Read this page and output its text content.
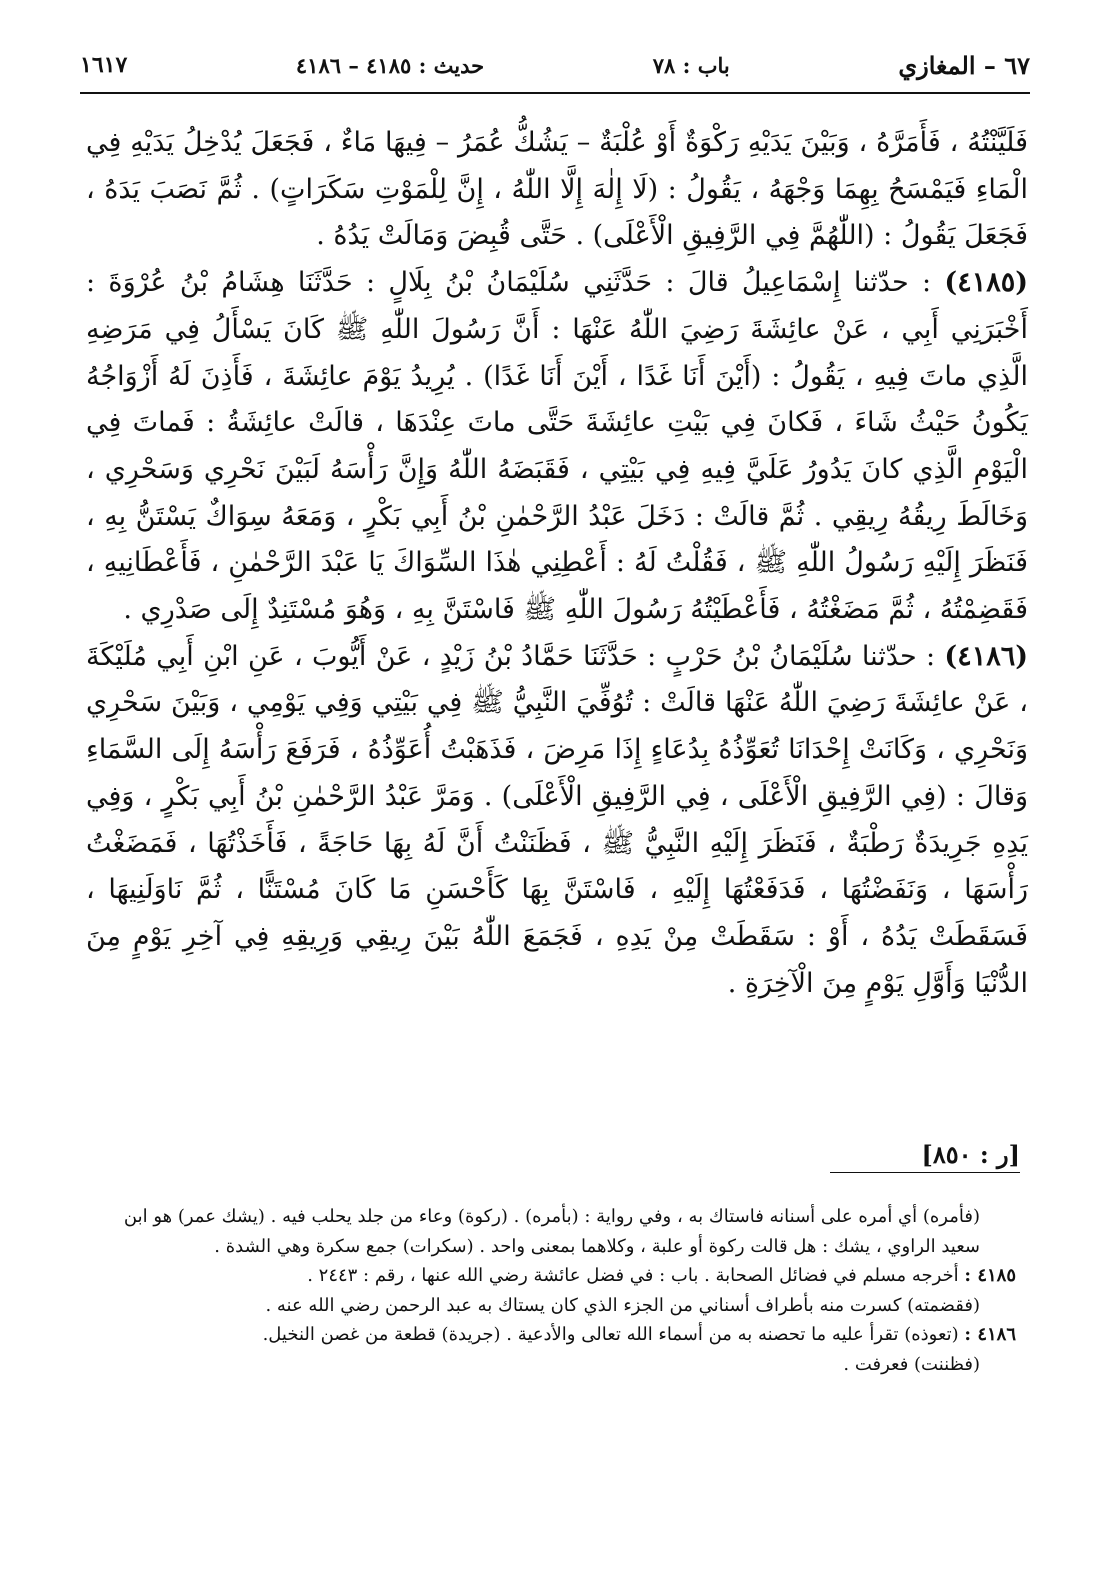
١٦١٧	حديث : ٤١٨٥ – ٤١٨٦	باب : ٧٨	٦٧ – المغازي

فَلَيَّنْتُهُ ، فَأَمَرَّهُ ، وَبَيْنَ يَدَيْهِ رَكْوَةٌ أَوْ عُلْبَةٌ – يَشُكُّ عُمَرُ – فِيهَا مَاءٌ ، فَجَعَلَ يُدْخِلُ يَدَيْهِ فِي الْمَاءِ فَيَمْسَحُ بِهِمَا وَجْهَهُ ، يَقُولُ : (لَا إِلٰهَ إِلَّا اللّٰهُ ، إِنَّ لِلْمَوْتِ سَكَرَاتٍ) . ثُمَّ نَصَبَ يَدَهُ ، فَجَعَلَ يَقُولُ : (اللّٰهُمَّ فِي الرَّفِيقِ الْأَعْلَى) . حَتَّى قُبِضَ وَمَالَتْ يَدُهُ .

(٤١٨٥) : حدّثنا إِسْمَاعِيلُ قالَ : حَدَّثَنِي سُلَيْمَانُ بْنُ بِلَالٍ : حَدَّثَنَا هِشَامُ بْنُ عُرْوَةَ : أَخْبَرَنِي أَبِي ، عَنْ عائِشَةَ رَضِيَ اللّٰهُ عَنْهَا : أَنَّ رَسُولَ اللّٰهِ ﷺ كَانَ يَسْأَلُ فِي مَرَضِهِ الَّذِي ماتَ فِيهِ ، يَقُولُ : (أَيْنَ أَنَا غَدًا ، أَيْنَ أَنَا غَدًا) . يُرِيدُ يَوْمَ عائِشَةَ ، فَأَذِنَ لَهُ أَزْوَاجُهُ يَكُونُ حَيْثُ شَاءَ ، فَكانَ فِي بَيْتِ عائِشَةَ حَتَّى ماتَ عِنْدَهَا ، قالَتْ عائِشَةُ : فَماتَ فِي الْيَوْمِ الَّذِي كانَ يَدُورُ عَلَيَّ فِيهِ فِي بَيْتِي ، فَقَبَضَهُ اللّٰهُ وَإِنَّ رَأْسَهُ لَبَيْنَ نَحْرِي وَسَحْرِي ، وَخَالَطَ رِيقُهُ رِيقِي . ثُمَّ قالَتْ : دَخَلَ عَبْدُ الرَّحْمٰنِ بْنُ أَبِي بَكْرٍ ، وَمَعَهُ سِوَاكٌ يَسْتَنُّ بِهِ ، فَنَظَرَ إِلَيْهِ رَسُولُ اللّٰهِ ﷺ ، فَقُلْتُ لَهُ : أَعْطِنِي هٰذَا السِّوَاكَ يَا عَبْدَ الرَّحْمٰنِ ، فَأَعْطَانِيهِ ، فَقَضِمْتُهُ ، ثُمَّ مَضَغْتُهُ ، فَأَعْطَيْتُهُ رَسُولَ اللّٰهِ ﷺ فَاسْتَنَّ بِهِ ، وَهُوَ مُسْتَنِدٌ إِلَى صَدْرِي .

(٤١٨٦) : حدّثنا سُلَيْمَانُ بْنُ حَرْبٍ : حَدَّثَنَا حَمَّادُ بْنُ زَيْدٍ ، عَنْ أَيُّوبَ ، عَنِ ابْنِ أَبِي مُلَيْكَةَ ، عَنْ عائِشَةَ رَضِيَ اللّٰهُ عَنْهَا قالَتْ : تُوُفِّيَ النَّبِيُّ ﷺ فِي بَيْتِي وَفِي يَوْمِي ، وَبَيْنَ سَحْرِي وَنَحْرِي ، وَكَانَتْ إِحْدَانَا تُعَوِّذُهُ بِدُعَاءٍ إِذَا مَرِضَ ، فَذَهَبْتُ أُعَوِّذُهُ ، فَرَفَعَ رَأْسَهُ إِلَى السَّمَاءِ وَقالَ : (فِي الرَّفِيقِ الْأَعْلَى ، فِي الرَّفِيقِ الْأَعْلَى) . وَمَرَّ عَبْدُ الرَّحْمٰنِ بْنُ أَبِي بَكْرٍ ، وَفِي يَدِهِ جَرِيدَةٌ رَطْبَةٌ ، فَنَظَرَ إِلَيْهِ النَّبِيُّ ﷺ ، فَظَنَنْتُ أَنَّ لَهُ بِهَا حَاجَةً ، فَأَخَذْتُهَا ، فَمَضَغْتُ رَأْسَهَا ، وَنَفَضْتُهَا ، فَدَفَعْتُهَا إِلَيْهِ ، فَاسْتَنَّ بِهَا كَأَحْسَنِ مَا كَانَ مُسْتَنًّا ، ثُمَّ نَاوَلَنِيهَا ، فَسَقَطَتْ يَدُهُ ، أَوْ : سَقَطَتْ مِنْ يَدِهِ ، فَجَمَعَ اللّٰهُ بَيْنَ رِيقِي وَرِيقِهِ فِي آخِرِ يَوْمٍ مِنَ الدُّنْيَا وَأَوَّلِ يَوْمٍ مِنَ الْآخِرَةِ .

[ر : ٨٥٠]

(فأمره) أي أمره على أسنانه فاستاك به ، وفي رواية : (بأمره) . (ركوة) وعاء من جلد يحلب فيه . (يشك عمر) هو ابن سعيد الراوي ، يشك : هل قالت ركوة أو علبة ، وكلاهما بمعنى واحد . (سكرات) جمع سكرة وهي الشدة .

٤١٨٥ : أخرجه مسلم في فضائل الصحابة . باب : في فضل عائشة رضي الله عنها ، رقم : ٢٤٤٣ .

(فقضمته) كسرت منه بأطراف أسناني من الجزء الذي كان يستاك به عبد الرحمن رضي الله عنه .

٤١٨٦ : (تعوذه) تقرأ عليه ما تحصنه به من أسماء الله تعالى والأدعية . (جريدة) قطعة من غصن النخيل.

(فظننت) فعرفت .
